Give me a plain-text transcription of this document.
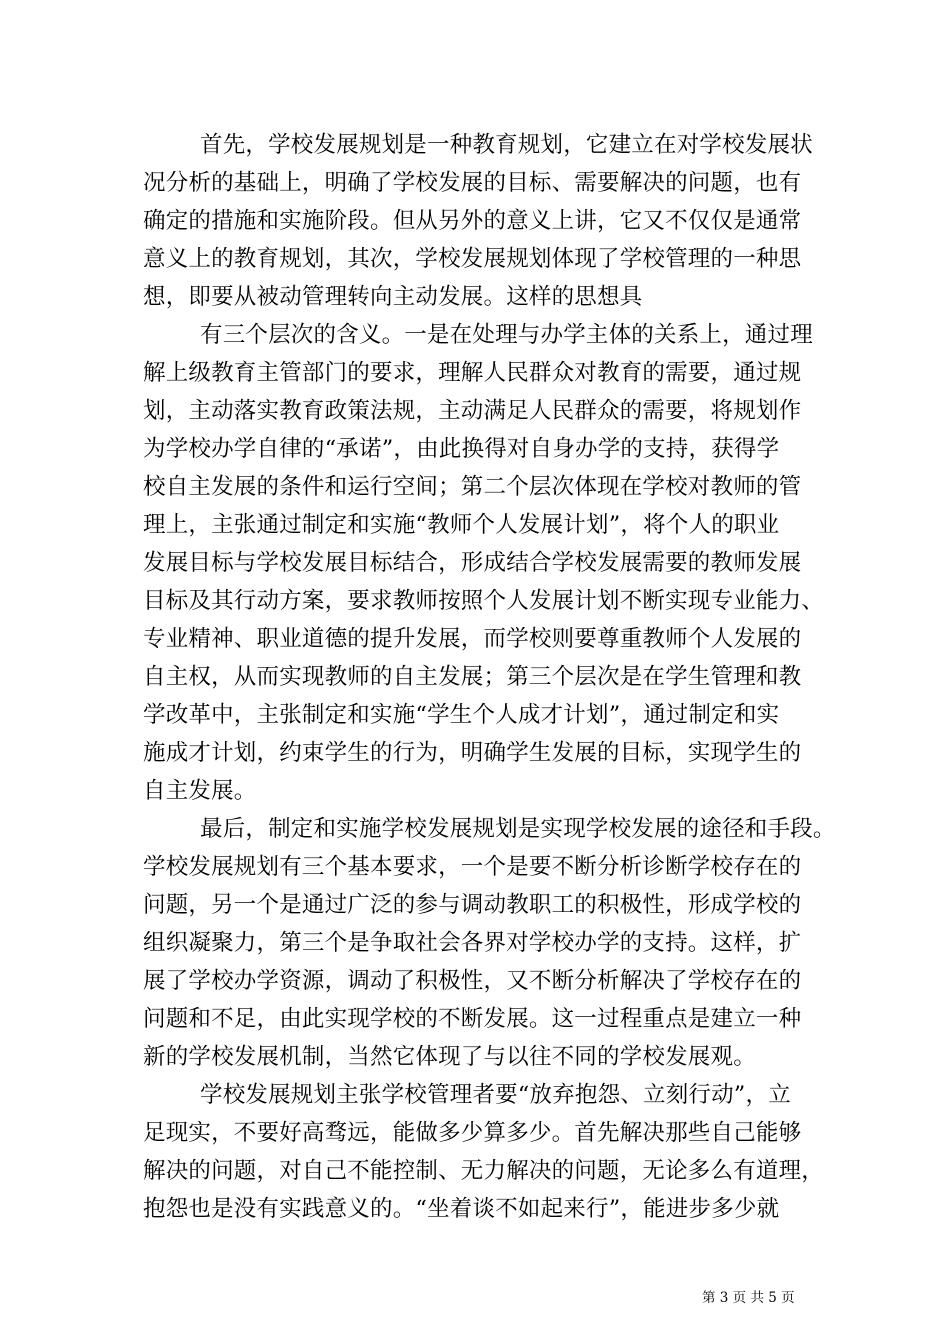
首先，学校发展规划是一种教育规划，它建立在对学校发展状
况分析的基础上，明确了学校发展的目标、需要解决的问题，也有
确定的措施和实施阶段。但从另外的意义上讲，它又不仅仅是通常
意义上的教育规划，其次，学校发展规划体现了学校管理的一种思
想，即要从被动管理转向主动发展。这样的思想具
有三个层次的含义。一是在处理与办学主体的关系上，通过理
解上级教育主管部门的要求，理解人民群众对教育的需要，通过规
划，主动落实教育政策法规，主动满足人民群众的需要，将规划作
为学校办学自律的“承诺”，由此换得对自身办学的支持，获得学
校自主发展的条件和运行空间；第二个层次体现在学校对教师的管
理上，主张通过制定和实施“教师个人发展计划”，将个人的职业
发展目标与学校发展目标结合，形成结合学校发展需要的教师发展
目标及其行动方案，要求教师按照个人发展计划不断实现专业能力、
专业精神、职业道德的提升发展，而学校则要尊重教师个人发展的
自主权，从而实现教师的自主发展；第三个层次是在学生管理和教
学改革中，主张制定和实施“学生个人成才计划”，通过制定和实
施成才计划，约束学生的行为，明确学生发展的目标，实现学生的
自主发展。
最后，制定和实施学校发展规划是实现学校发展的途径和手段。
学校发展规划有三个基本要求，一个是要不断分析诊断学校存在的
问题，另一个是通过广泛的参与调动教职工的积极性，形成学校的
组织凝聚力，第三个是争取社会各界对学校办学的支持。这样，扩
展了学校办学资源，调动了积极性，又不断分析解决了学校存在的
问题和不足，由此实现学校的不断发展。这一过程重点是建立一种
新的学校发展机制，当然它体现了与以往不同的学校发展观。
学校发展规划主张学校管理者要“放弃抱怨、立刻行动”，立
足现实，不要好高骛远，能做多少算多少。首先解决那些自己能够
解决的问题，对自己不能控制、无力解决的问题，无论多么有道理，
抱怨也是没有实践意义的。“坐着谈不如起来行”，能进步多少就
第 3 页 共 5 页
